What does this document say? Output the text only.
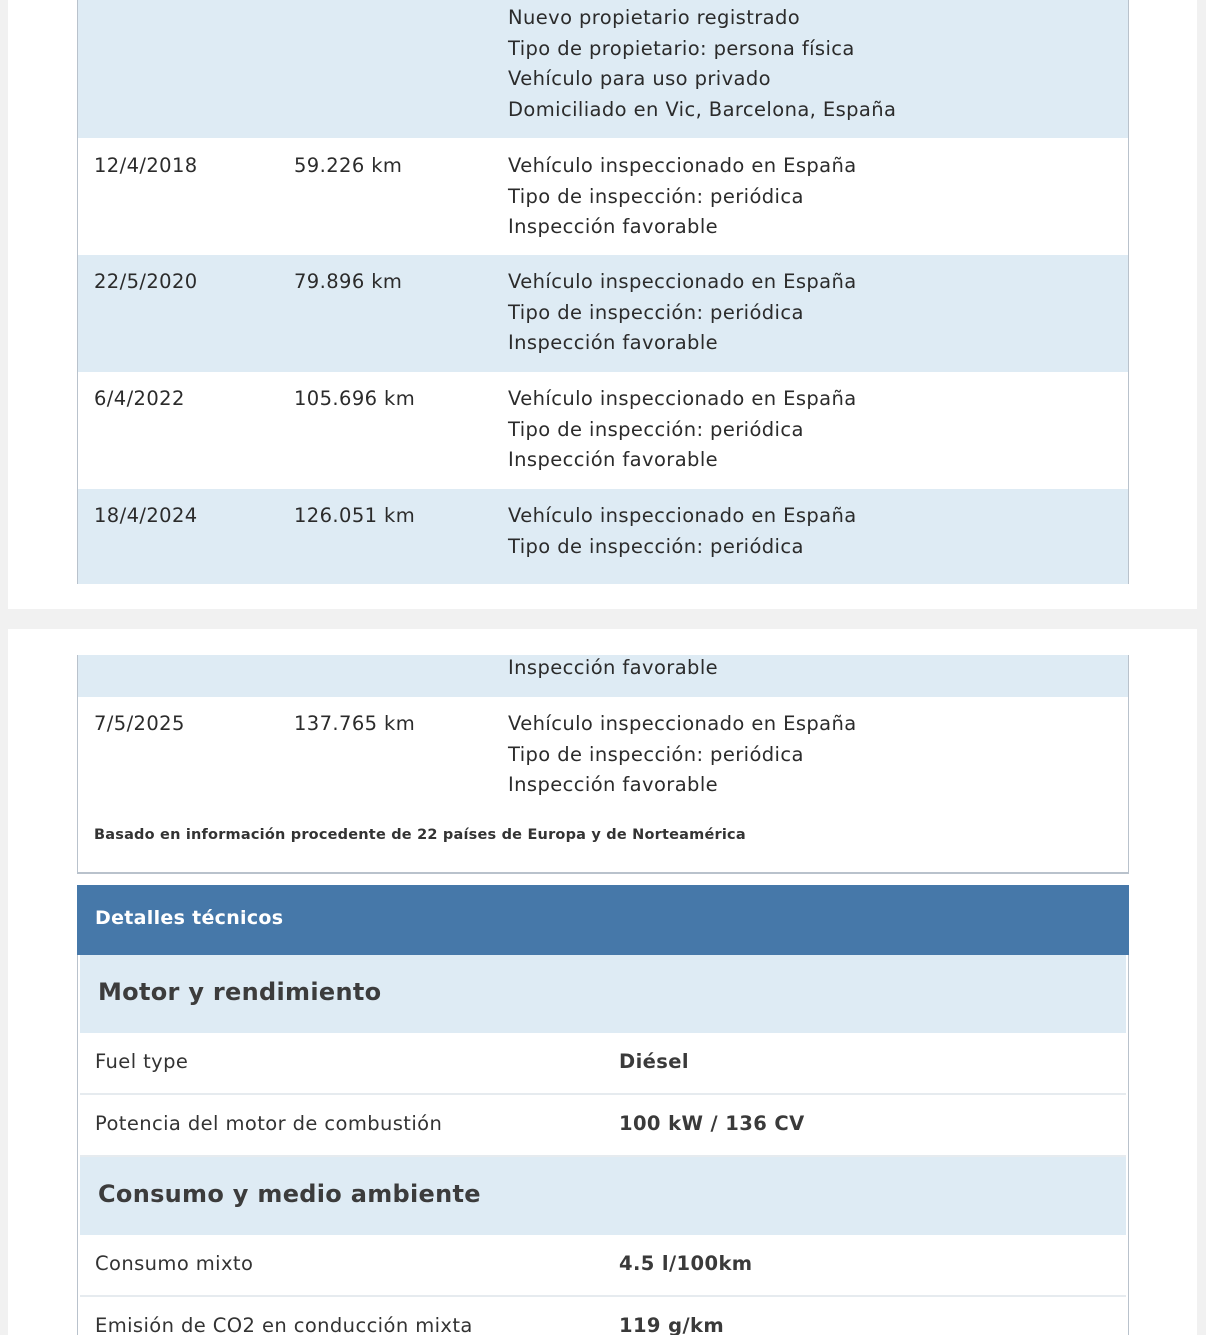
Nuevo propietario registrado
Tipo de propietario: persona física
Vehículo para uso privado
Domiciliado en Vic, Barcelona, España
12/4/2018	59.226 km	Vehículo inspeccionado en España
Tipo de inspección: periódica
Inspección favorable
22/5/2020	79.896 km	Vehículo inspeccionado en España
Tipo de inspección: periódica
Inspección favorable
6/4/2022	105.696 km	Vehículo inspeccionado en España
Tipo de inspección: periódica
Inspección favorable
18/4/2024	126.051 km	Vehículo inspeccionado en España
Tipo de inspección: periódica
Inspección favorable
7/5/2025	137.765 km	Vehículo inspeccionado en España
Tipo de inspección: periódica
Inspección favorable
Basado en información procedente de 22 países de Europa y de Norteamérica
Detalles técnicos
Motor y rendimiento
Fuel type	Diésel
Potencia del motor de combustión	100 kW / 136 CV
Consumo y medio ambiente
Consumo mixto	4.5 l/100km
Emisión de CO2 en conducción mixta	119 g/km
